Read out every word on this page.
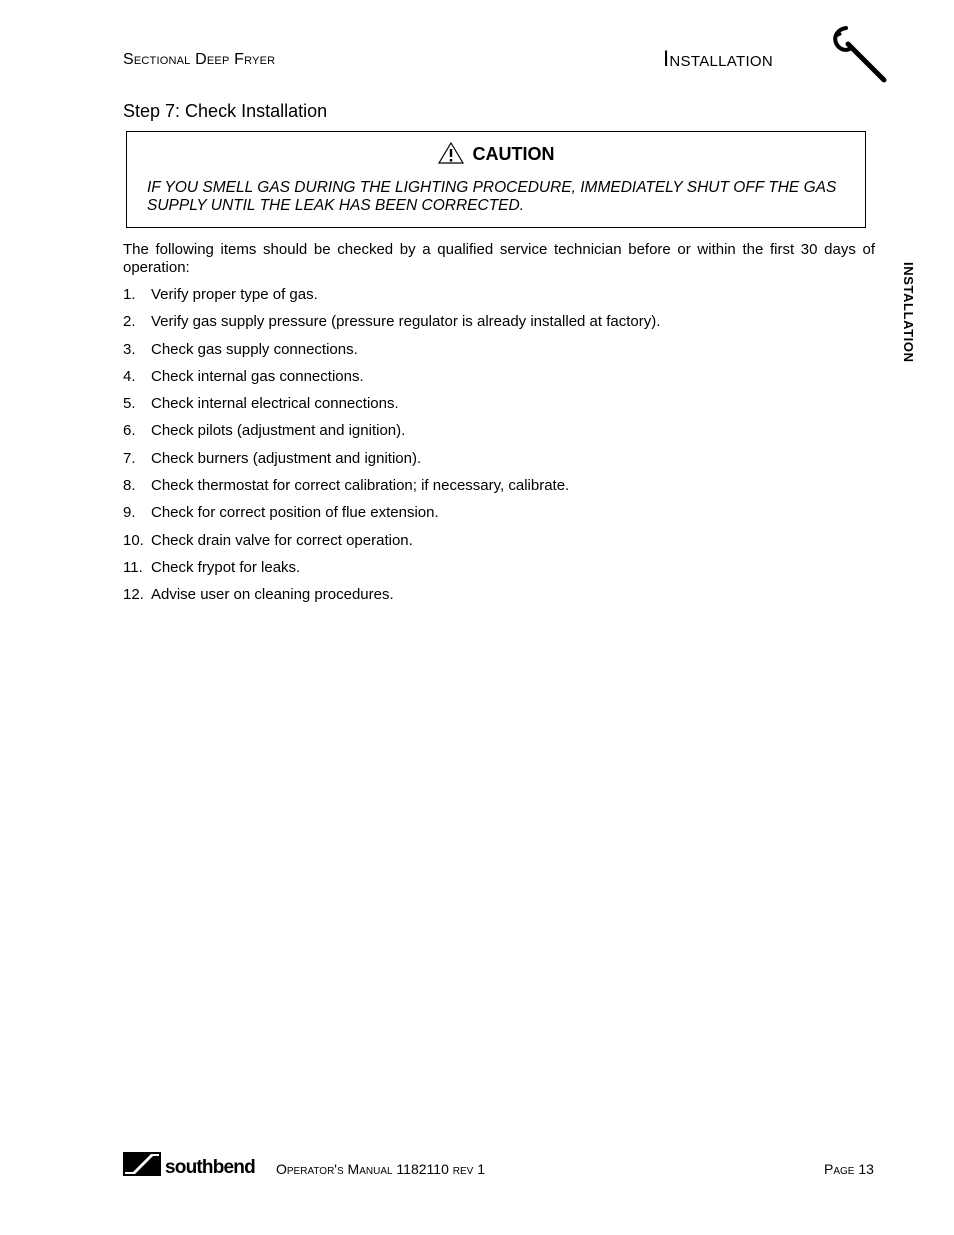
Sectional Deep Fryer	Installation
Step 7: Check Installation
CAUTION
IF YOU SMELL GAS DURING THE LIGHTING PROCEDURE, IMMEDIATELY SHUT OFF THE GAS SUPPLY UNTIL THE LEAK HAS BEEN CORRECTED.
The following items should be checked by a qualified service technician before or within the first 30 days of operation:
1. Verify proper type of gas.
2. Verify gas supply pressure (pressure regulator is already installed at factory).
3. Check gas supply connections.
4. Check internal gas connections.
5. Check internal electrical connections.
6. Check pilots (adjustment and ignition).
7. Check burners (adjustment and ignition).
8. Check thermostat for correct calibration; if necessary, calibrate.
9. Check for correct position of flue extension.
10. Check drain valve for correct operation.
11. Check frypot for leaks.
12. Advise user on cleaning procedures.
INSTALLATION
southbend Operator's Manual 1182110 rev 1	Page 13
